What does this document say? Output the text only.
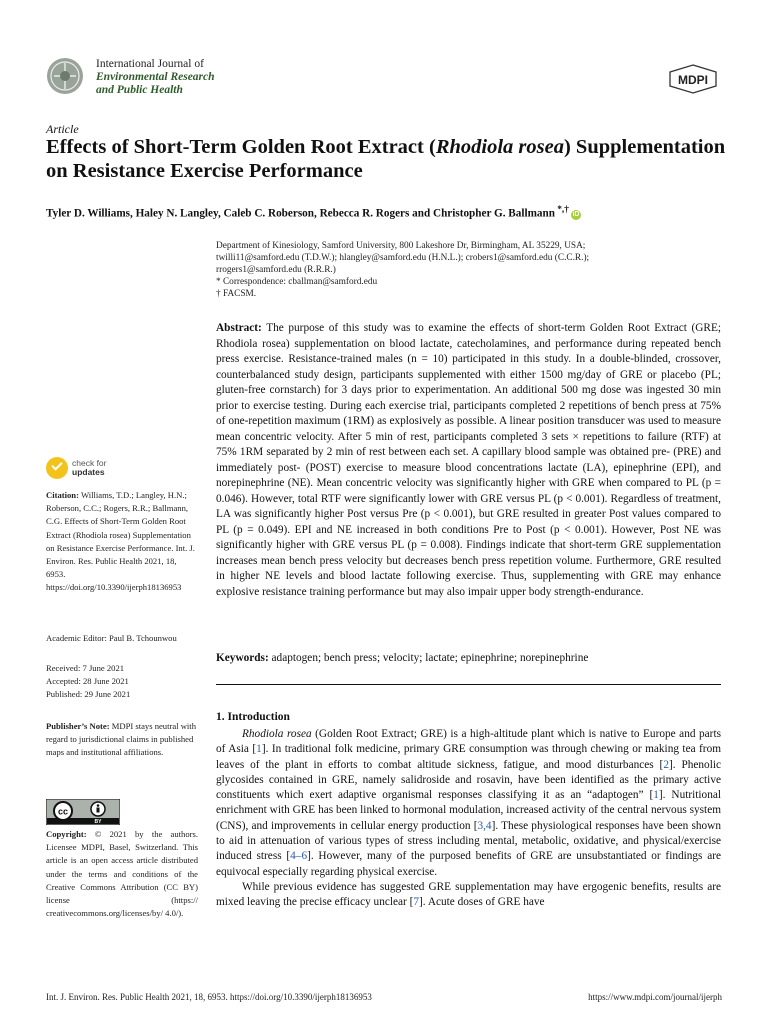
International Journal of
Environmental Research
and Public Health
MDPI
Article
Effects of Short-Term Golden Root Extract (Rhodiola rosea) Supplementation on Resistance Exercise Performance
Tyler D. Williams, Haley N. Langley, Caleb C. Roberson, Rebecca R. Rogers and Christopher G. Ballmann *,† iD
Department of Kinesiology, Samford University, 800 Lakeshore Dr, Birmingham, AL 35229, USA;
twilli11@samford.edu (T.D.W.); hlangley@samford.edu (H.N.L.); crobers1@samford.edu (C.C.R.);
rrogers1@samford.edu (R.R.R.)
* Correspondence: cballman@samford.edu
† FACSM.
Abstract: The purpose of this study was to examine the effects of short-term Golden Root Extract (GRE; Rhodiola rosea) supplementation on blood lactate, catecholamines, and performance during repeated bench press exercise. Resistance-trained males (n = 10) participated in this study. In a double-blinded, crossover, counterbalanced study design, participants supplemented with either 1500 mg/day of GRE or placebo (PL; gluten-free cornstarch) for 3 days prior to experimentation. An additional 500 mg dose was ingested 30 min prior to exercise testing. During each exercise trial, participants completed 2 repetitions of bench press at 75% of one-repetition maximum (1RM) as explosively as possible. A linear position transducer was used to measure mean concentric velocity. After 5 min of rest, participants completed 3 sets × repetitions to failure (RTF) at 75% 1RM separated by 2 min of rest between each set. A capillary blood sample was obtained pre- (PRE) and immediately post- (POST) exercise to measure blood concentrations lactate (LA), epinephrine (EPI), and norepinephrine (NE). Mean concentric velocity was significantly higher with GRE when compared to PL (p = 0.046). However, total RTF were significantly lower with GRE versus PL (p < 0.001). Regardless of treatment, LA was significantly higher Post versus Pre (p < 0.001), but GRE resulted in greater Post values compared to PL (p = 0.049). EPI and NE increased in both conditions Pre to Post (p < 0.001). However, Post NE was significantly higher with GRE versus PL (p = 0.008). Findings indicate that short-term GRE supplementation increases mean bench press velocity but decreases bench press repetition volume. Furthermore, GRE resulted in higher NE levels and blood lactate following exercise. Thus, supplementing with GRE may enhance explosive resistance training performance but may also impair upper body strength-endurance.
Keywords: adaptogen; bench press; velocity; lactate; epinephrine; norepinephrine
1. Introduction

Rhodiola rosea (Golden Root Extract; GRE) is a high-altitude plant which is native to Europe and parts of Asia [1]. In traditional folk medicine, primary GRE consumption was through chewing or making tea from leaves of the plant in efforts to combat altitude sickness, fatigue, and mood disturbances [2]. Phenolic glycosides contained in GRE, namely salidroside and rosavin, have been identified as the primary active constituents which exert adaptive organismal responses classifying it as an “adaptogen” [1]. Nutritional enrichment with GRE has been linked to hormonal modulation, increased activity of the central nervous system (CNS), and improvements in cellular energy production [3,4]. These physiological responses have been shown to aid in attenuation of various types of stress including mental, metabolic, oxidative, and physical/exercise induced stress [4–6]. However, many of the purposed benefits of GRE are unsubstantiated or findings are equivocal especially regarding physical exercise.

While previous evidence has suggested GRE supplementation may have ergogenic benefits, results are mixed leaving the precise efficacy unclear [7]. Acute doses of GRE have

check for
updates
Citation: Williams, T.D.; Langley, H.N.; Roberson, C.C.; Rogers, R.R.; Ballmann, C.G. Effects of Short-Term Golden Root Extract (Rhodiola rosea) Supplementation on Resistance Exercise Performance. Int. J. Environ. Res. Public Health 2021, 18, 6953. https://doi.org/10.3390/ijerph18136953
Academic Editor: Paul B. Tchounwou
Received: 7 June 2021
Accepted: 28 June 2021
Published: 29 June 2021
Publisher’s Note: MDPI stays neutral with regard to jurisdictional claims in published maps and institutional affiliations.
cc
BY
Copyright: © 2021 by the authors. Licensee MDPI, Basel, Switzerland. This article is an open access article distributed under the terms and conditions of the Creative Commons Attribution (CC BY) license (https:// creativecommons.org/licenses/by/ 4.0/).
Int. J. Environ. Res. Public Health 2021, 18, 6953. https://doi.org/10.3390/ijerph18136953	https://www.mdpi.com/journal/ijerph
